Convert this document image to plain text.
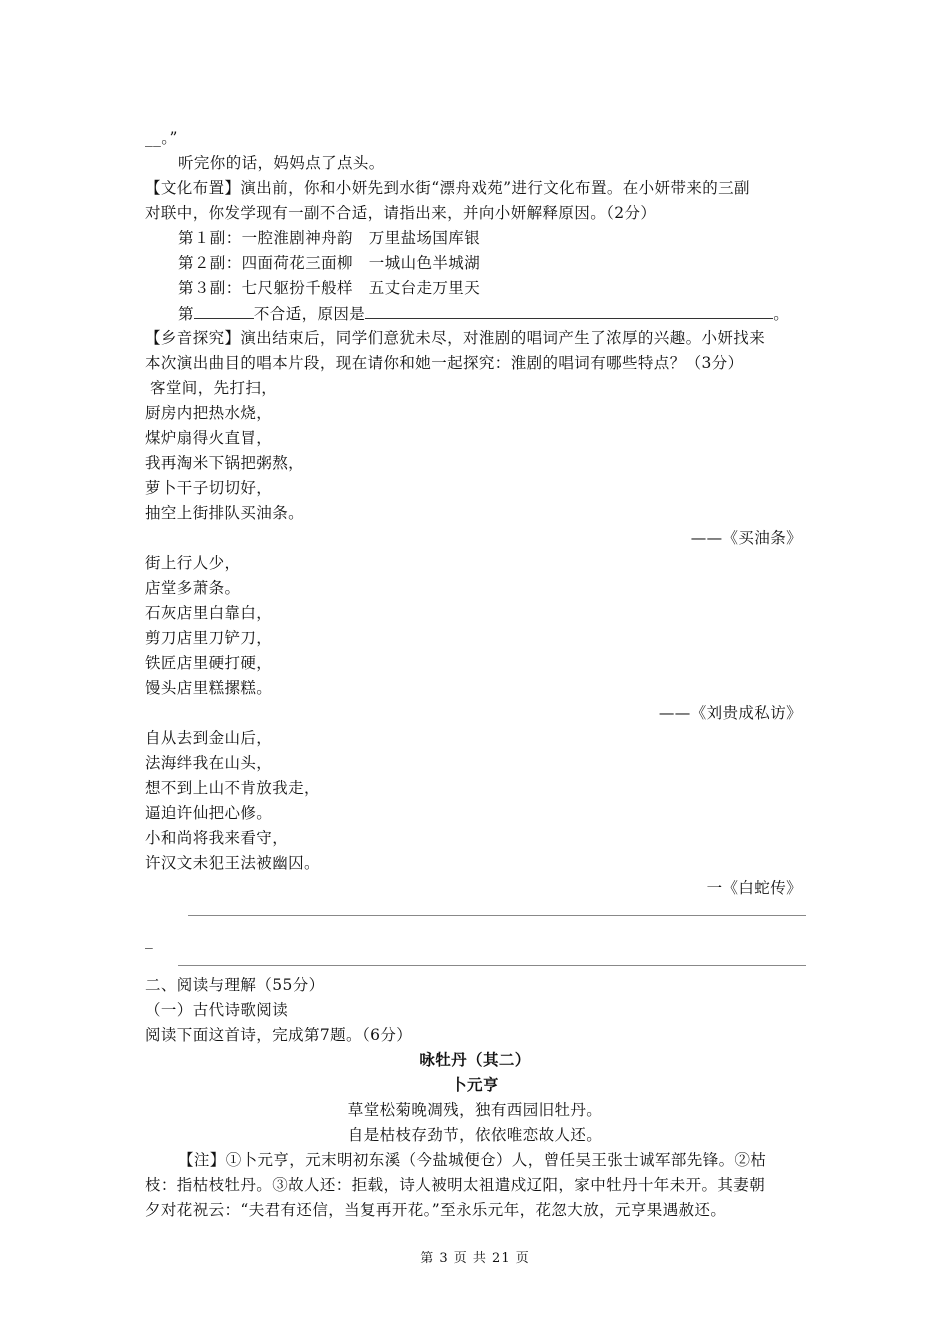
__。”
听完你的话，妈妈点了点头。
【文化布置】演出前，你和小妍先到水街“漂舟戏苑”进行文化布置。在小妍带来的三副
对联中，你发学现有一副不合适，请指出来，并向小妍解释原因。（2分）
第１副：一腔淮剧神舟韵　万里盐场国库银
第２副：四面荷花三面柳　一城山色半城湖
第３副：七尺躯扮千般样　五丈台走万里天
第	不合适，原因是	。
【乡音探究】演出结束后，同学们意犹未尽，对淮剧的唱词产生了浓厚的兴趣。小妍找来
本次演出曲目的唱本片段，现在请你和她一起探究：淮剧的唱词有哪些特点？（3分）
客堂间，先打扫，
厨房内把热水烧，
煤炉扇得火直冒，
我再淘米下锅把粥熬，
萝卜干子切切好，
抽空上街排队买油条。
——《买油条》
街上行人少，
店堂多萧条。
石灰店里白靠白，
剪刀店里刀铲刀，
铁匠店里硬打硬，
馒头店里糕摞糕。
——《刘贵成私访》
自从去到金山后，
法海绊我在山头，
想不到上山不肯放我走，
逼迫许仙把心修。
小和尚将我来看守，
许汉文未犯王法被幽囚。
一《白蛇传》
_
二、阅读与理解（55分）
（一）古代诗歌阅读
阅读下面这首诗，完成第7题。（6分）
咏牡丹（其二）
卜元亨
草堂松菊晚凋残，独有西园旧牡丹。
自是枯枝存劲节，依依唯恋故人还。
【注】①卜元亨，元末明初东溪（今盐城便仓）人，曾任吴王张士诚军部先锋。②枯
枝：指枯枝牡丹。③故人还：拒载，诗人被明太祖遣戍辽阳，家中牡丹十年未开。其妻朝
夕对花祝云：“夫君有还信，当复再开花。”至永乐元年，花忽大放，元亨果遇赦还。
第 3 页 共 21 页
